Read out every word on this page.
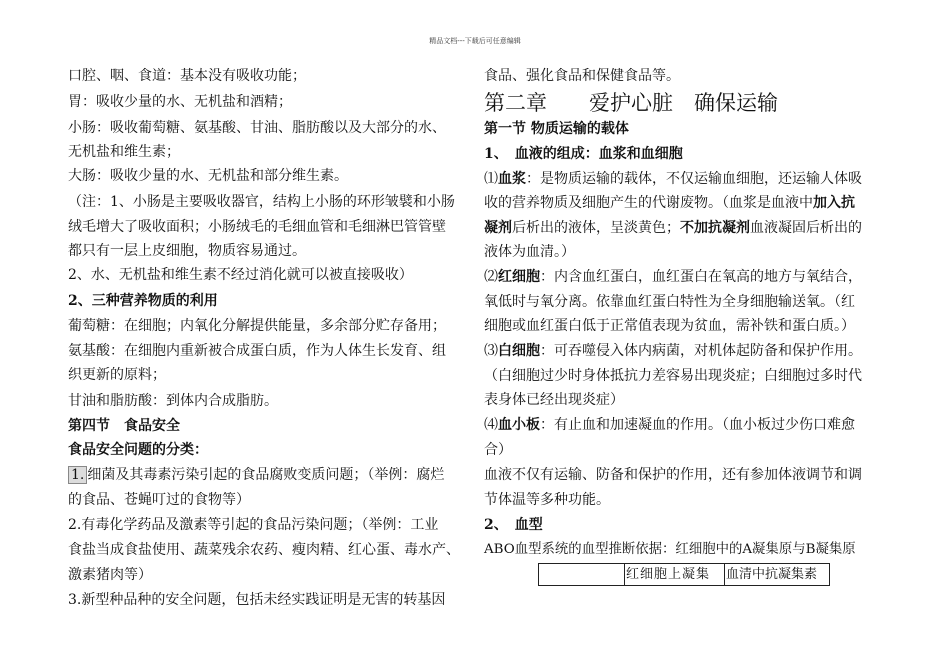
精品文档---下载后可任意编辑
口腔、咽、食道：基本没有吸收功能；
胃：吸收少量的水、无机盐和酒精；
小肠：吸收葡萄糖、氨基酸、甘油、脂肪酸以及大部分的水、
无机盐和维生素；
大肠：吸收少量的水、无机盐和部分维生素。
（注：1、小肠是主要吸收器官，结构上小肠的环形皱襞和小肠
绒毛增大了吸收面积；小肠绒毛的毛细血管和毛细淋巴管管壁
都只有一层上皮细胞，物质容易通过。
2、水、无机盐和维生素不经过消化就可以被直接吸收）
2、三种营养物质的利用
葡萄糖：在细胞；内氧化分解提供能量，多余部分贮存备用；
氨基酸：在细胞内重新被合成蛋白质，作为人体生长发育、组
织更新的原料；
甘油和脂肪酸：到体内合成脂肪。
第四节　食品安全
食品安全问题的分类：
1. 细菌及其毒素污染引起的食品腐败变质问题；（举例：腐烂
的食品、苍蝇叮过的食物等）
2.有毒化学药品及激素等引起的食品污染问题；（举例：工业
食盐当成食盐使用、蔬菜残余农药、瘦肉精、红心蛋、毒水产、
激素猪肉等）
3.新型种品种的安全问题，包括未经实践证明是无害的转基因
食品、强化食品和保健食品等。
第二章　　爱护心脏　确保运输
第一节 物质运输的载体
1、　血液的组成：血浆和血细胞
⑴血浆：是物质运输的载体，不仅运输血细胞，还运输人体吸
收的营养物质及细胞产生的代谢废物。（血浆是血液中加入抗
凝剂后析出的液体，呈淡黄色；不加抗凝剂血液凝固后析出的
液体为血清。）
⑵红细胞：内含血红蛋白，血红蛋白在氧高的地方与氧结合，
氧低时与氧分离。依靠血红蛋白特性为全身细胞输送氧。（红
细胞或血红蛋白低于正常值表现为贫血，需补铁和蛋白质。）
⑶白细胞：可吞噬侵入体内病菌，对机体起防备和保护作用。
（白细胞过少时身体抵抗力差容易出现炎症；白细胞过多时代
表身体已经出现炎症）
⑷血小板：有止血和加速凝血的作用。（血小板过少伤口难愈
合）
血液不仅有运输、防备和保护的作用，还有参加体液调节和调
节体温等多种功能。
2、　血型
ABO血型系统的血型推断依据：红细胞中的A凝集原与B凝集原
红细胞上凝集	血清中抗凝集素
